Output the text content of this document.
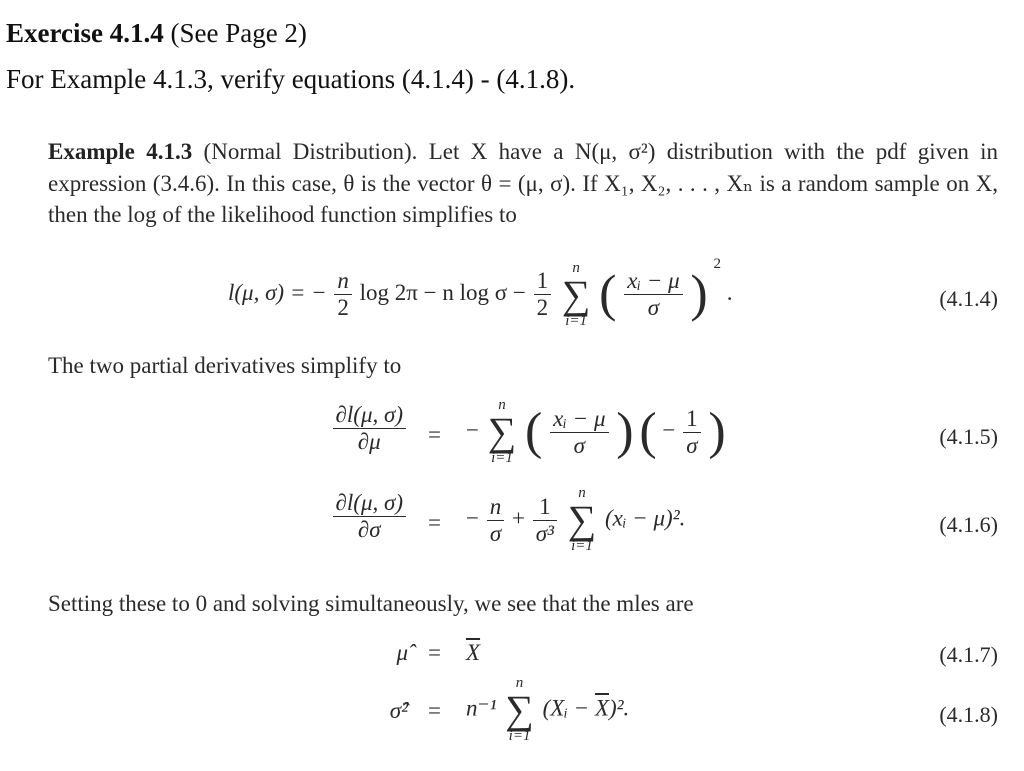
Exercise 4.1.4 (See Page 2)

For Example 4.1.3, verify equations (4.1.4) - (4.1.8).

Example 4.1.3 (Normal Distribution). Let X have a N(μ, σ²) distribution with the pdf given in expression (3.4.6). In this case, θ is the vector θ = (μ, σ). If X₁, X₂, . . . , Xₙ is a random sample on X, then the log of the likelihood function simplifies to

l(μ, σ) = − $\frac{n}{2}$ log 2π − n $\log \sigma - \frac{1}{2}$

n
∑
i=1 ( $\frac{\text{xᵢ − μ}}{\sigma}$ ) $^2$ .	(4.1.4)

The two partial derivatives simplify to

$\frac{\partial l(\mu, \sigma)}{\partial\mu}$ = −
n
∑
i=1 ( $\frac{\text{xᵢ − μ}}{\sigma}$ ) ( − $\frac{1}{\sigma}$ )	(4.1.5)
$\frac{\partial l(\mu, \sigma)}{\partial\sigma}$ = − $\frac{n}{\sigma} + \frac{1}{\text{σ³}}$

n
∑
i=1
(xᵢ − μ)².	(4.1.6)

Setting these to 0 and solving simultaneously, we see that the mles are

μ̂ = $\overline{X}$	(4.1.7)
σ̂² = n⁻¹
n
∑
i=1
(Xᵢ − $\overline{X})^2$.	(4.1.8)
